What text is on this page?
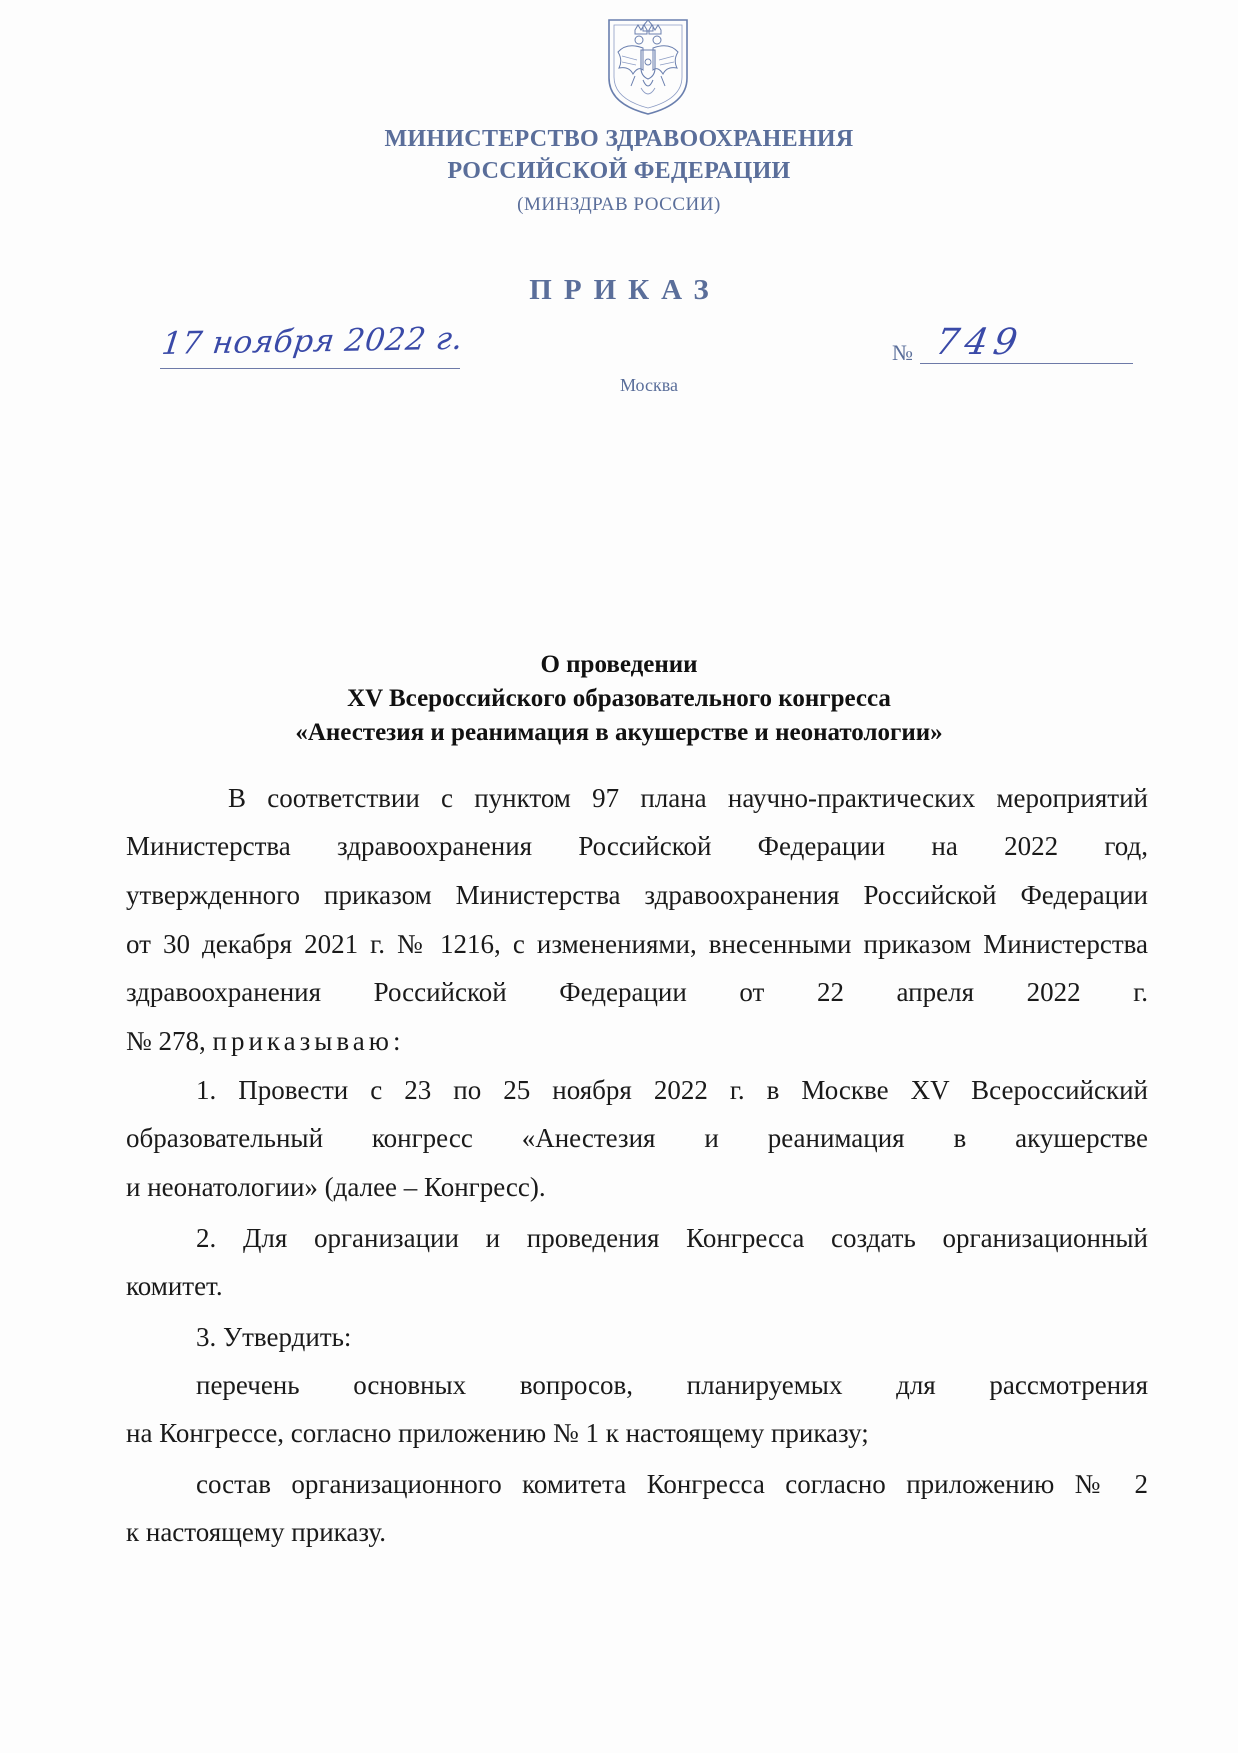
МИНИСТЕРСТВО ЗДРАВООХРАНЕНИЯ
РОССИЙСКОЙ ФЕДЕРАЦИИ
(МИНЗДРАВ РОССИИ)
ПРИКАЗ
17 ноября 2022 г.	№ 749
Москва
О проведении
XV Всероссийского образовательного конгресса
«Анестезия и реанимация в акушерстве и неонатологии»
В соответствии с пунктом 97 плана научно-практических мероприятий
Министерства здравоохранения Российской Федерации на 2022 год,
утвержденного приказом Министерства здравоохранения Российской Федерации
от 30 декабря 2021 г. № 1216, с изменениями, внесенными приказом Министерства
здравоохранения Российской Федерации от 22 апреля 2022 г.
№ 278, приказываю:
1. Провести с 23 по 25 ноября 2022 г. в Москве XV Всероссийский
образовательный конгресс «Анестезия и реанимация в акушерстве
и неонатологии» (далее – Конгресс).
2. Для организации и проведения Конгресса создать организационный
комитет.
3. Утвердить:
перечень основных вопросов, планируемых для рассмотрения
на Конгрессе, согласно приложению № 1 к настоящему приказу;
состав организационного комитета Конгресса согласно приложению № 2
к настоящему приказу.
